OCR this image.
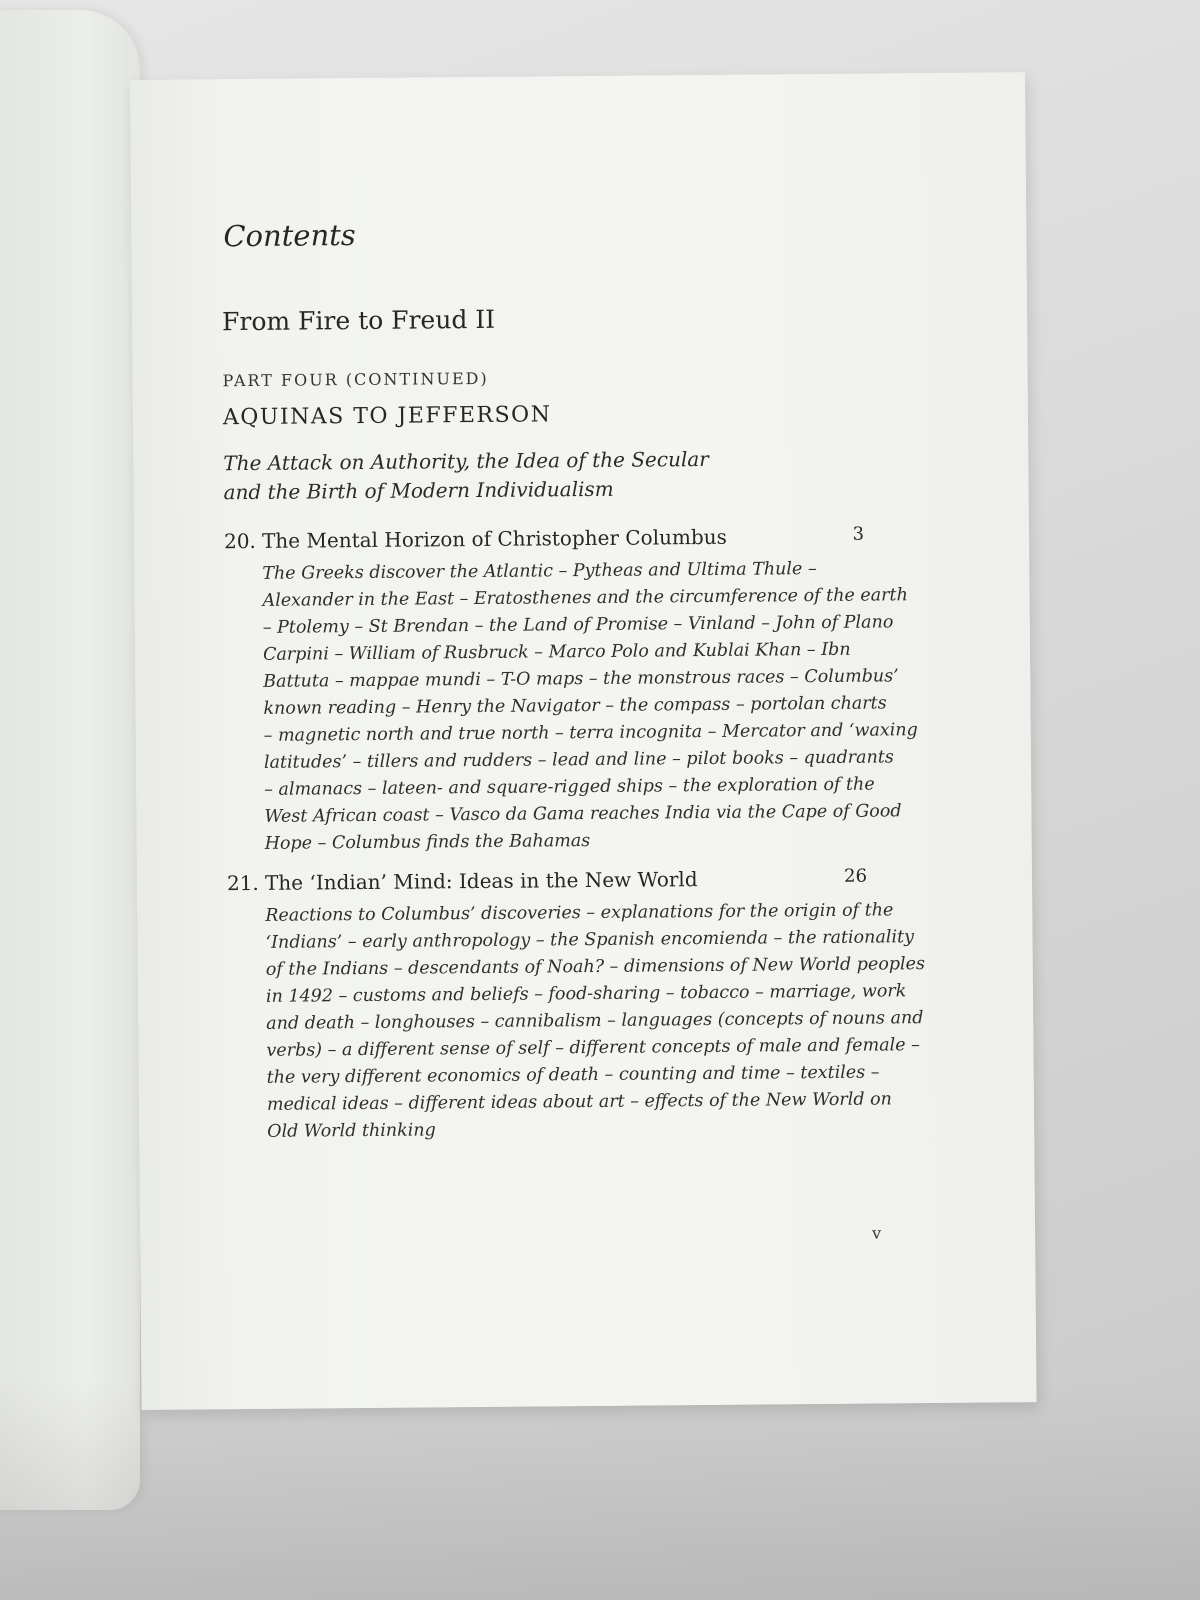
Contents
From Fire to Freud II
PART FOUR (CONTINUED)
AQUINAS TO JEFFERSON
The Attack on Authority, the Idea of the Secular
and the Birth of Modern Individualism
20. The Mental Horizon of Christopher Columbus	3
The Greeks discover the Atlantic – Pytheas and Ultima Thule –
Alexander in the East – Eratosthenes and the circumference of the earth
– Ptolemy – St Brendan – the Land of Promise – Vinland – John of Plano
Carpini – William of Rusbruck – Marco Polo and Kublai Khan – Ibn
Battuta – mappae mundi – T-O maps – the monstrous races – Columbus’
known reading – Henry the Navigator – the compass – portolan charts
– magnetic north and true north – terra incognita – Mercator and ‘waxing
latitudes’ – tillers and rudders – lead and line – pilot books – quadrants
– almanacs – lateen- and square-rigged ships – the exploration of the
West African coast – Vasco da Gama reaches India via the Cape of Good
Hope – Columbus finds the Bahamas
21. The ‘Indian’ Mind: Ideas in the New World	26
Reactions to Columbus’ discoveries – explanations for the origin of the
‘Indians’ – early anthropology – the Spanish encomienda – the rationality
of the Indians – descendants of Noah? – dimensions of New World peoples
in 1492 – customs and beliefs – food-sharing – tobacco – marriage, work
and death – longhouses – cannibalism – languages (concepts of nouns and
verbs) – a different sense of self – different concepts of male and female –
the very different economics of death – counting and time – textiles –
medical ideas – different ideas about art – effects of the New World on
Old World thinking
v
